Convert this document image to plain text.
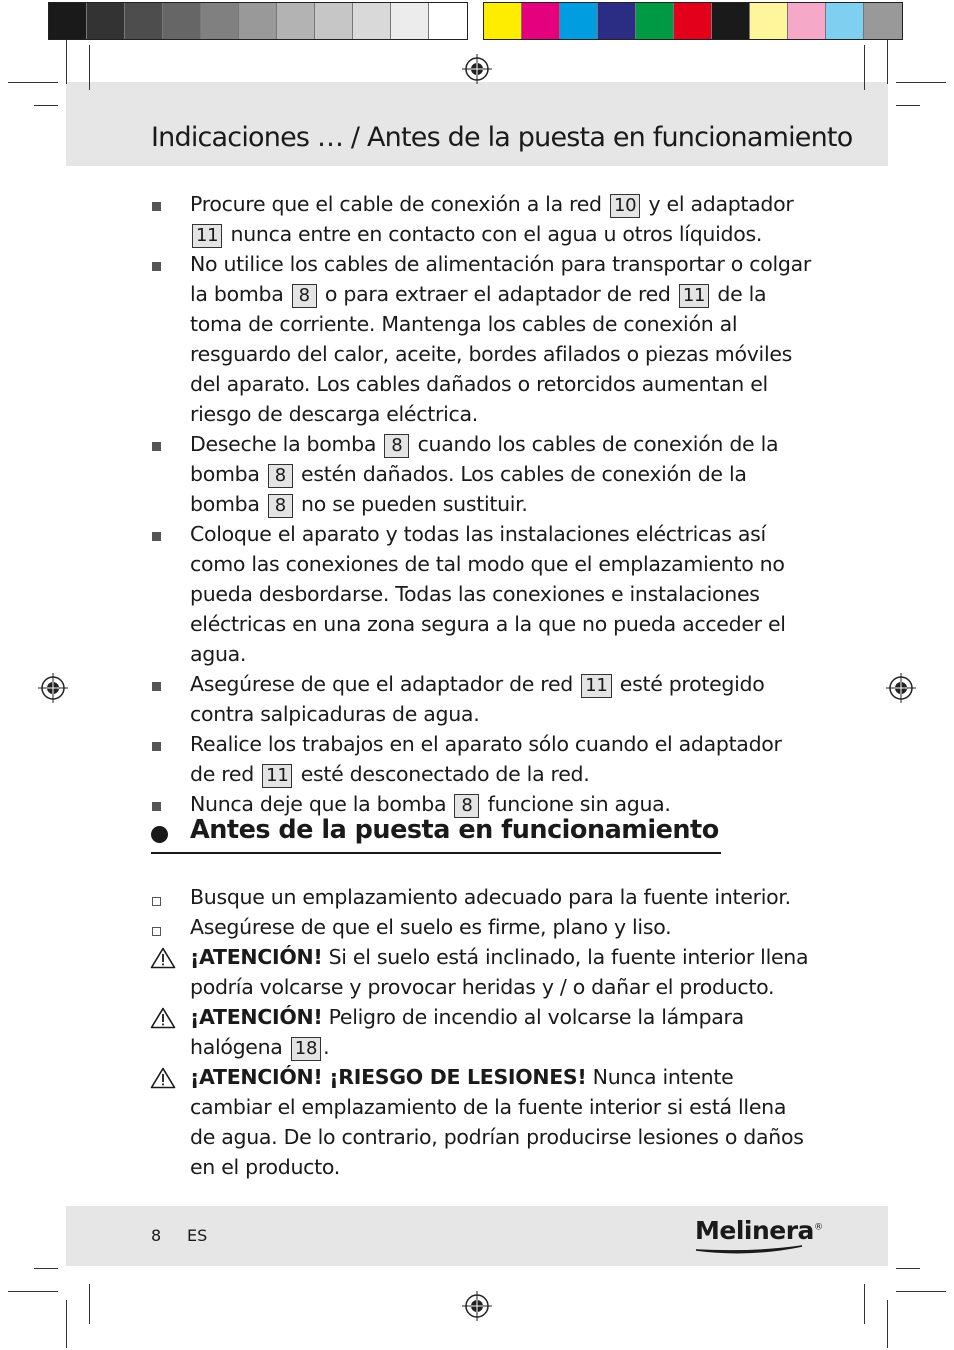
Indicaciones … / Antes de la puesta en funcionamiento
Procure que el cable de conexión a la red 10 y el adaptador 11 nunca entre en contacto con el agua u otros líquidos.
No utilice los cables de alimentación para transportar o colgar la bomba 8 o para extraer el adaptador de red 11 de la toma de corriente. Mantenga los cables de conexión al resguardo del calor, aceite, bordes afilados o piezas móviles del aparato. Los cables dañados o retorcidos aumentan el riesgo de descarga eléctrica.
Deseche la bomba 8 cuando los cables de conexión de la bomba 8 estén dañados. Los cables de conexión de la bomba 8 no se pueden sustituir.
Coloque el aparato y todas las instalaciones eléctricas así como las conexiones de tal modo que el emplazamiento no pueda desbordarse. Todas las conexiones e instalaciones eléctricas en una zona segura a la que no pueda acceder el agua.
Asegúrese de que el adaptador de red 11 esté protegido contra salpicaduras de agua.
Realice los trabajos en el aparato sólo cuando el adaptador de red 11 esté desconectado de la red.
Nunca deje que la bomba 8 funcione sin agua.
Antes de la puesta en funcionamiento
Busque un emplazamiento adecuado para la fuente interior.
Asegúrese de que el suelo es firme, plano y liso.
¡ATENCIÓN! Si el suelo está inclinado, la fuente interior llena podría volcarse y provocar heridas y / o dañar el producto.
¡ATENCIÓN! Peligro de incendio al volcarse la lámpara halógena 18 .
¡ATENCIÓN! ¡RIESGO DE LESIONES! Nunca intente cambiar el emplazamiento de la fuente interior si está llena de agua. De lo contrario, podrían producirse lesiones o daños en el producto.
8 ES	Melinera®
